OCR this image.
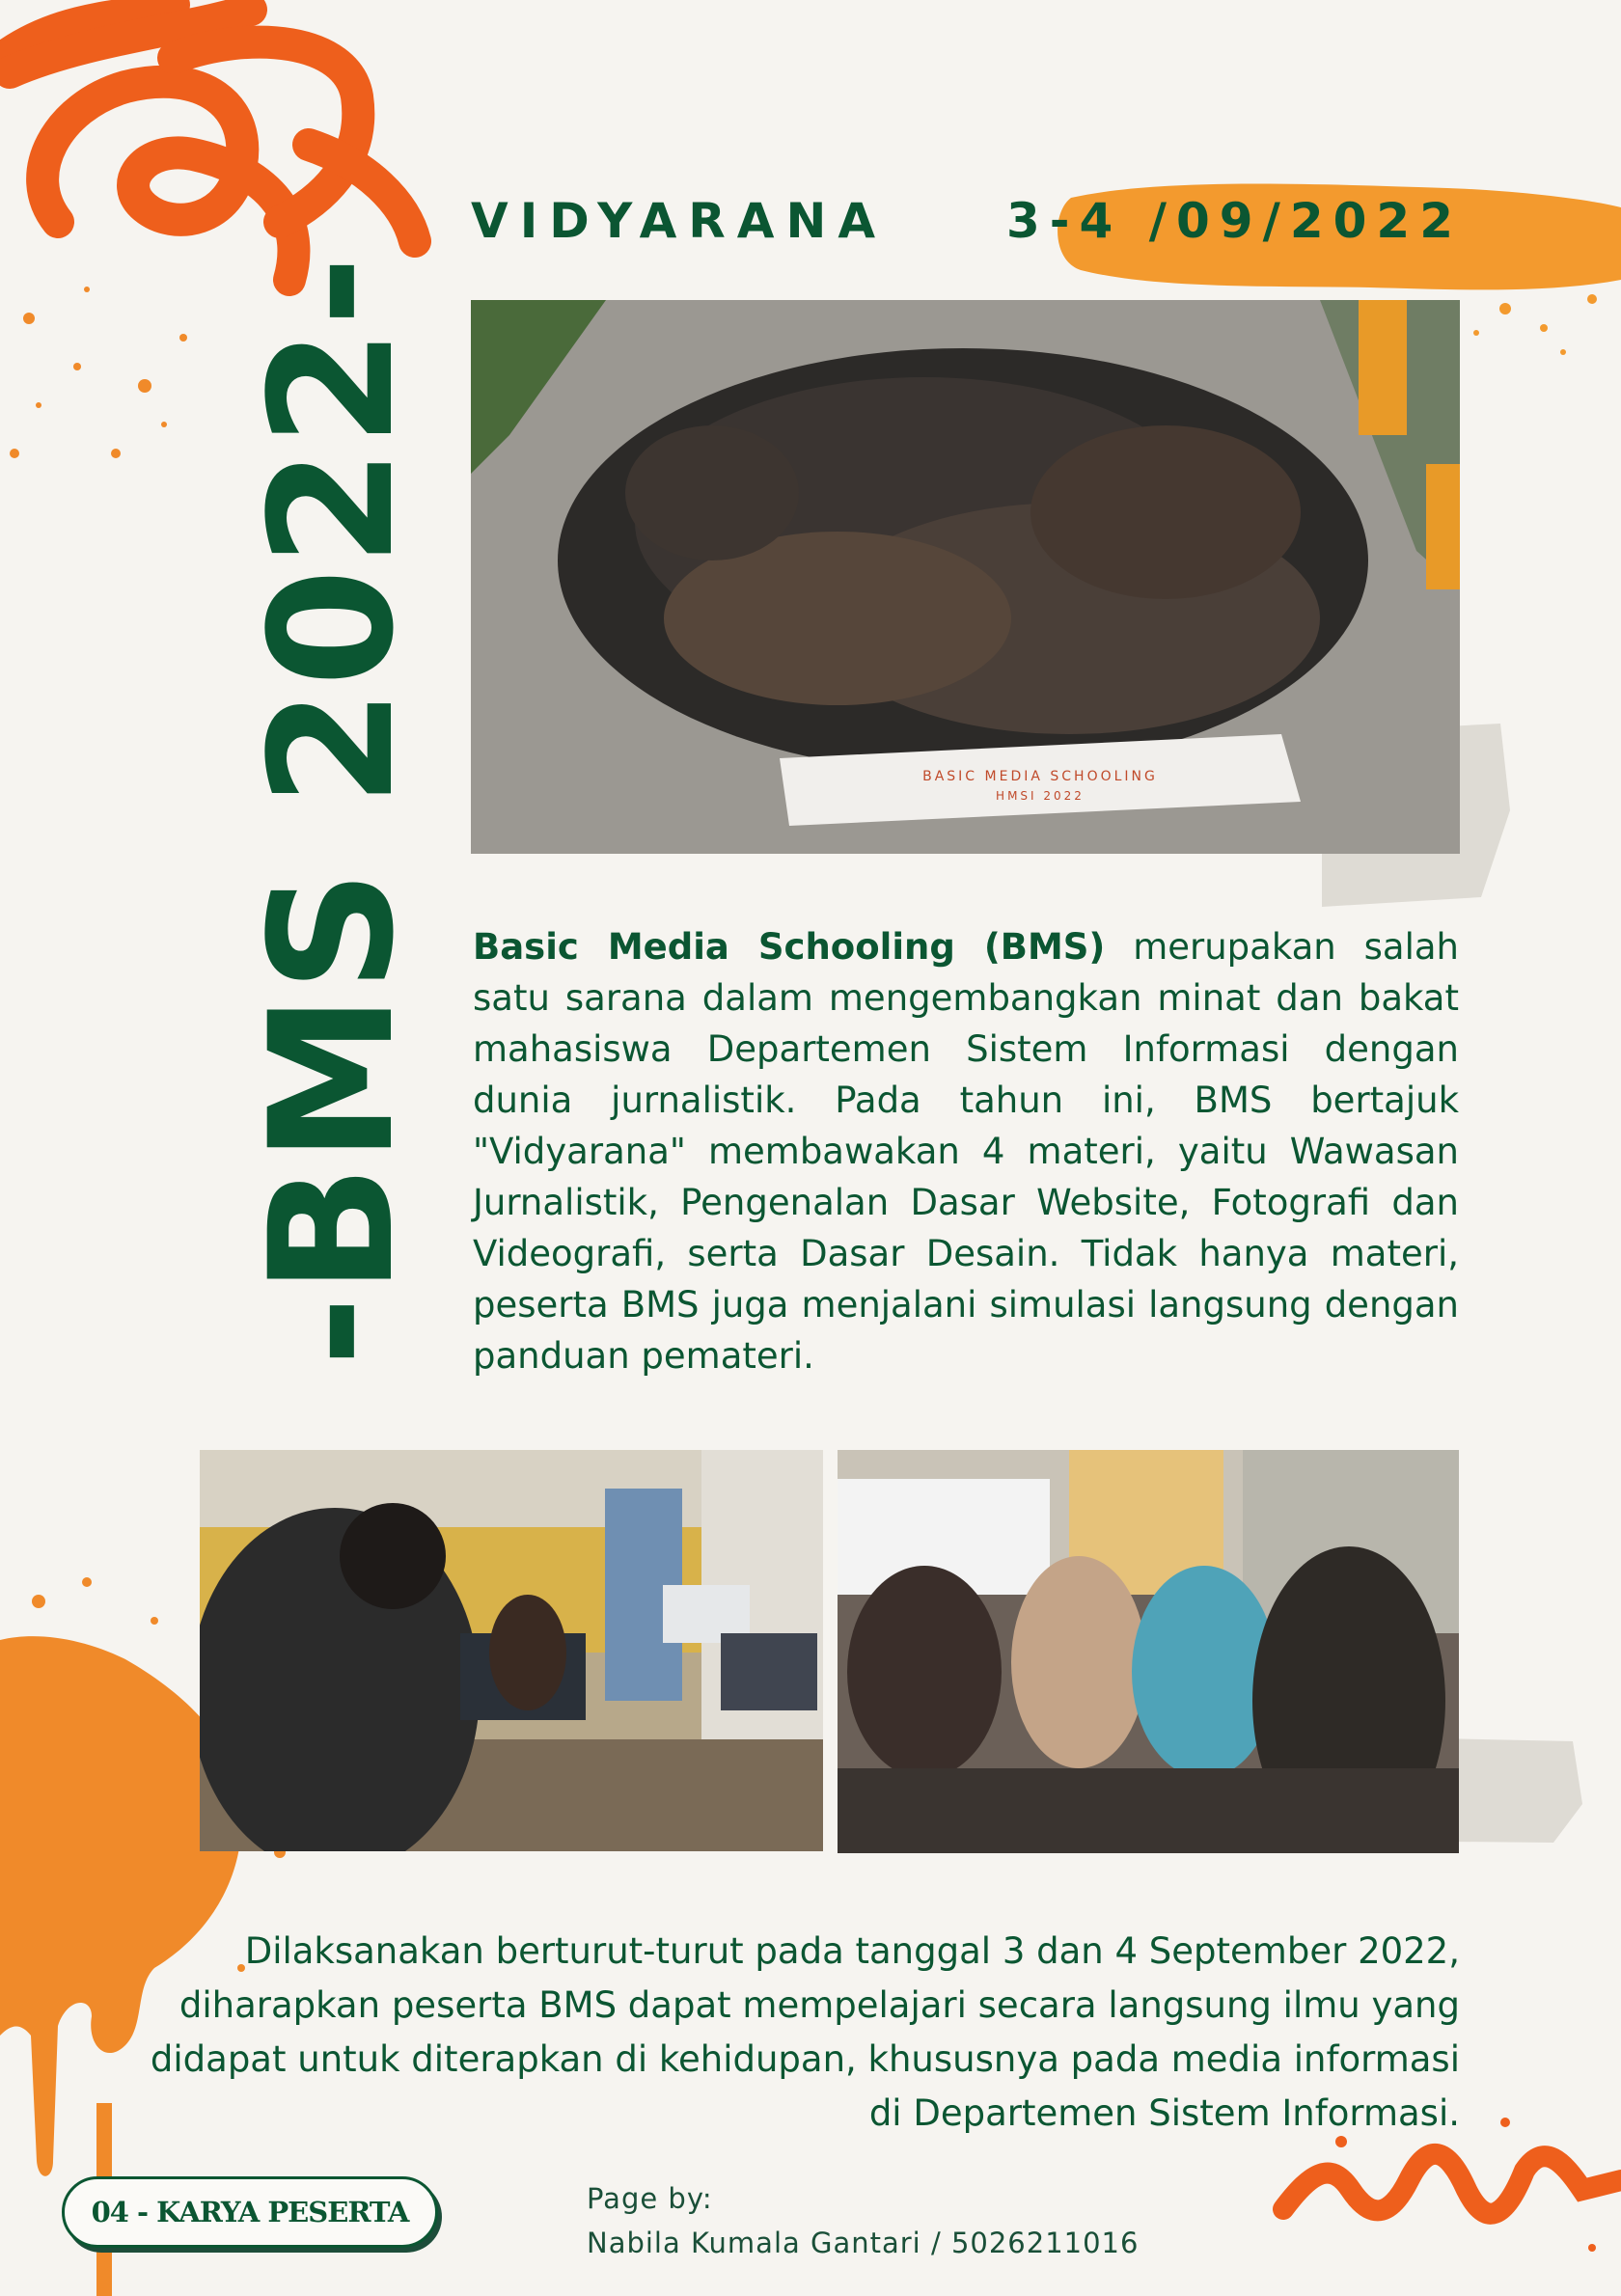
-BMS 2022-
VIDYARANA 3-4 /09/2022
BASIC MEDIA SCHOOLING
HMSI 2022
Basic Media Schooling (BMS) merupakan salah satu sarana dalam mengembangkan minat dan bakat mahasiswa Departemen Sistem Informasi dengan dunia jurnalistik. Pada tahun ini, BMS bertajuk "Vidyarana" membawakan 4 materi, yaitu Wawasan Jurnalistik, Pengenalan Dasar Website, Fotografi dan Videografi, serta Dasar Desain. Tidak hanya materi, peserta BMS juga menjalani simulasi langsung dengan panduan pemateri.
Dilaksanakan berturut-turut pada tanggal 3 dan 4 September 2022, diharapkan peserta BMS dapat mempelajari secara langsung ilmu yang didapat untuk diterapkan di kehidupan, khususnya pada media informasi di Departemen Sistem Informasi.
04 - KARYA PESERTA	Page by:
Nabila Kumala Gantari / 5026211016
